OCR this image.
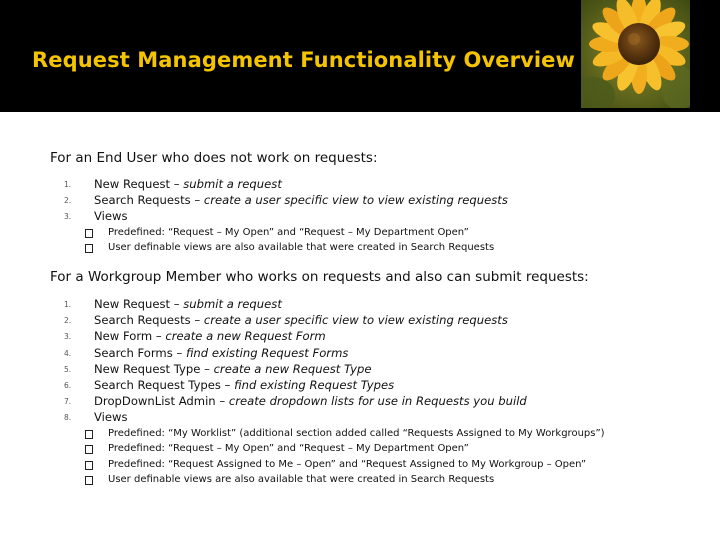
Request Management Functionality Overview
For an End User who does not work on requests:
1.	New Request – submit a request
2.	Search Requests – create a user specific view to view existing requests
3.	Views
Predefined: “Request – My Open” and “Request – My Department Open”
User definable views are also available that were created in Search Requests
For a Workgroup Member who works on requests and also can submit requests:
1.	New Request – submit a request
2.	Search Requests – create a user specific view to view existing requests
3.	New Form – create a new Request Form
4.	Search Forms – find existing Request Forms
5.	New Request Type – create a new Request Type
6.	Search Request Types – find existing Request Types
7.	DropDownList Admin – create dropdown lists for use in Requests you build
8.	Views
Predefined: “My Worklist” (additional section added called “Requests Assigned to My Workgroups”)
Predefined: “Request – My Open” and “Request – My Department Open”
Predefined: “Request Assigned to Me – Open” and “Request Assigned to My Workgroup – Open”
User definable views are also available that were created in Search Requests
